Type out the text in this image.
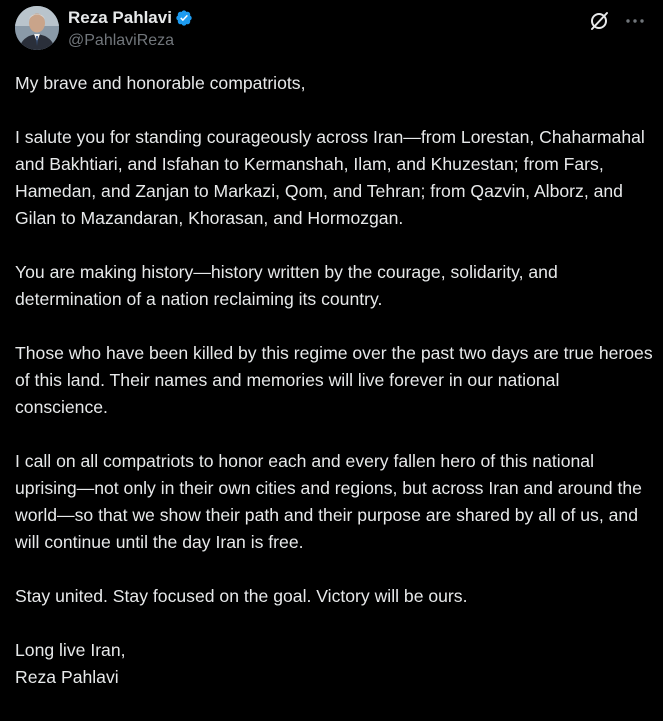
Reza Pahlavi
@PahlaviReza

My brave and honorable compatriots,

I salute you for standing courageously across Iran—from Lorestan, Chaharmahal and Bakhtiari, and Isfahan to Kermanshah, Ilam, and Khuzestan; from Fars, Hamedan, and Zanjan to Markazi, Qom, and Tehran; from Qazvin, Alborz, and Gilan to Mazandaran, Khorasan, and Hormozgan.

You are making history—history written by the courage, solidarity, and determination of a nation reclaiming its country.

Those who have been killed by this regime over the past two days are true heroes of this land. Their names and memories will live forever in our national conscience.

I call on all compatriots to honor each and every fallen hero of this national uprising—not only in their own cities and regions, but across Iran and around the world—so that we show their path and their purpose are shared by all of us, and will continue until the day Iran is free.

Stay united. Stay focused on the goal. Victory will be ours.

Long live Iran,
Reza Pahlavi
